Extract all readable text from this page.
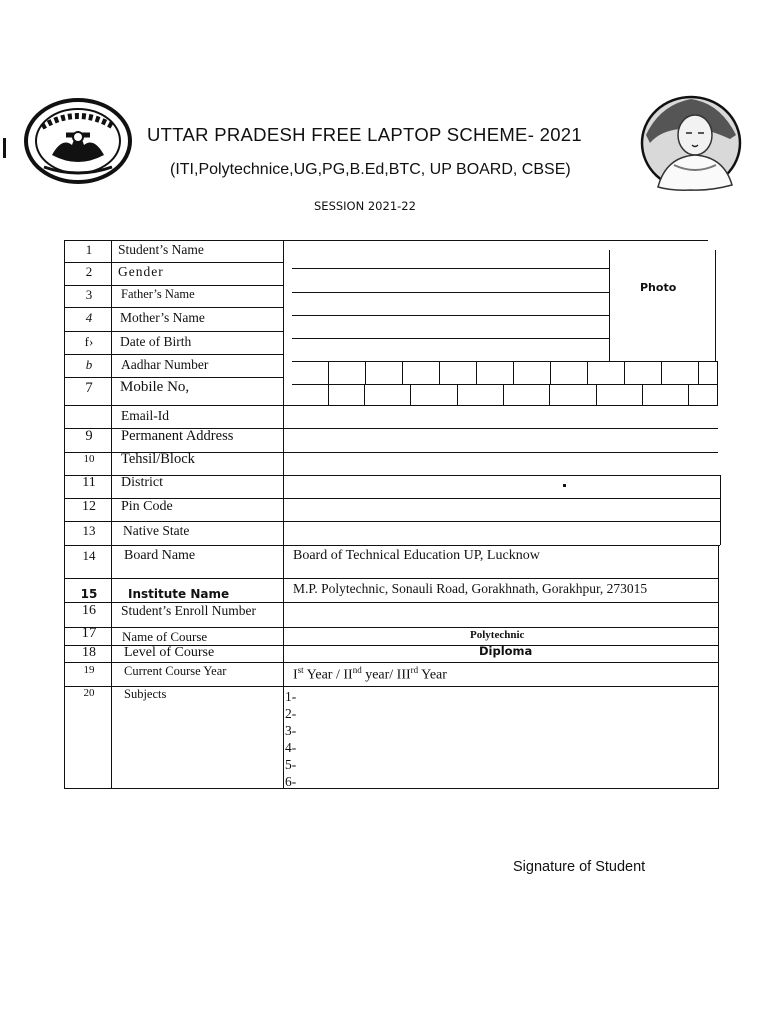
UTTAR PRADESH FREE LAPTOP SCHEME- 2021
(ITI,Polytechnice,UG,PG,B.Ed,BTC, UP BOARD, CBSE)
SESSION 2021-22
Photo
1	Student’s Name
2	Gender
3	Father’s Name
4	Mother’s Name
f›	Date of Birth
b	Aadhar Number
7	Mobile No,
Email-Id
9	Permanent Address
10	Tehsil/Block
11	District
12	Pin Code
13	Native State
14	Board Name	Board of Technical Education UP, Lucknow
15	Institute Name	M.P. Polytechnic, Sonauli Road, Gorakhnath, Gorakhpur, 273015
16	Student’s Enroll Number
17	Name of Course	Polytechnic
18	Level of Course	Diploma
19	Current Course Year	Ist Year / IInd year/ IIIrd Year
20	Subjects	1-
2-
3-
4-
5-
6-
Signature of Student
